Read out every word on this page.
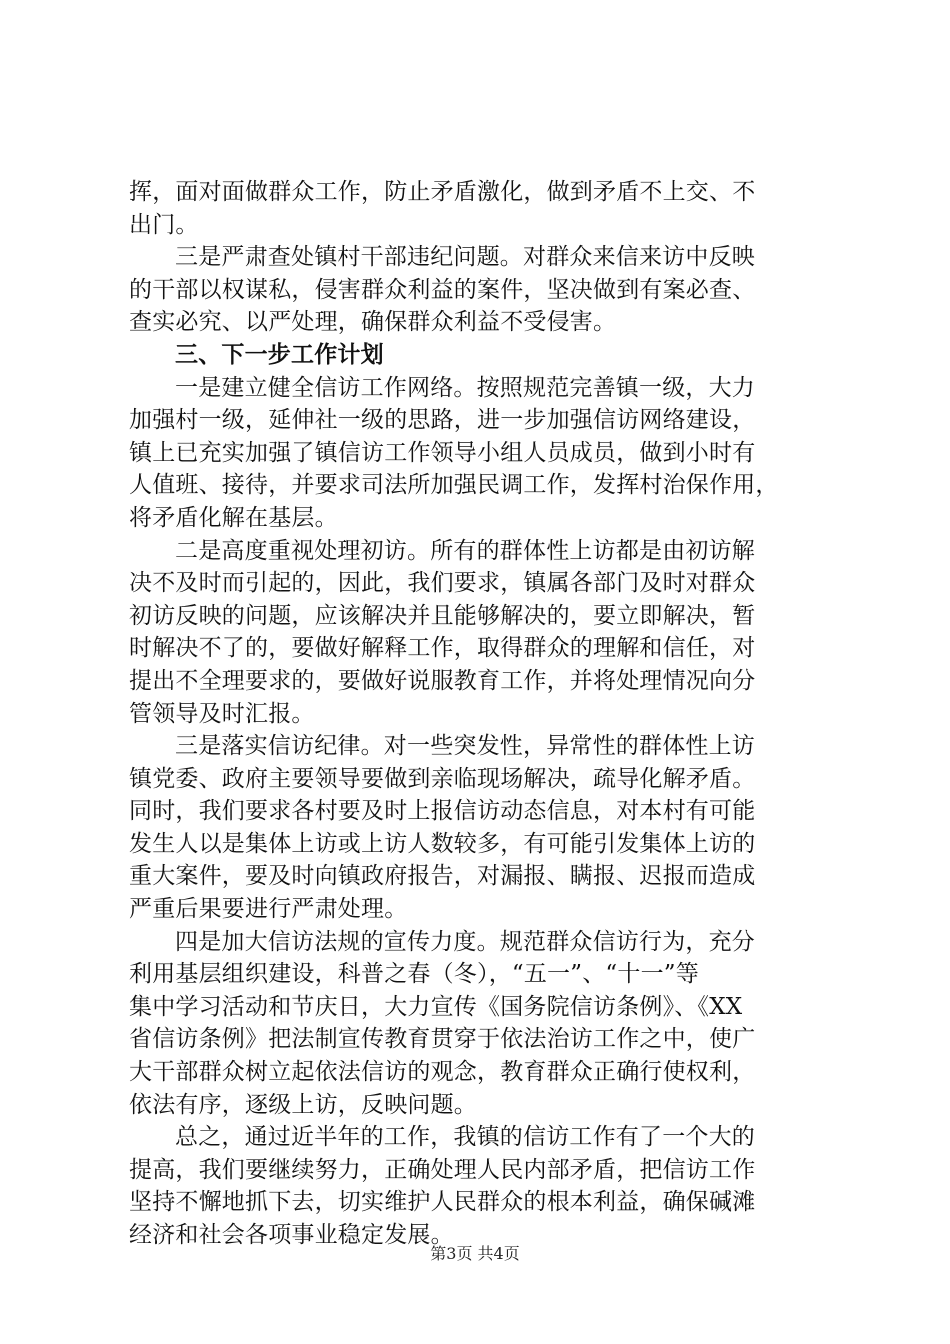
挥，面对面做群众工作，防止矛盾激化，做到矛盾不上交、不
出门。
三是严肃查处镇村干部违纪问题。对群众来信来访中反映
的干部以权谋私，侵害群众利益的案件，坚决做到有案必查、
查实必究、以严处理，确保群众利益不受侵害。
三、下一步工作计划
一是建立健全信访工作网络。按照规范完善镇一级，大力
加强村一级，延伸社一级的思路，进一步加强信访网络建设，
镇上已充实加强了镇信访工作领导小组人员成员，做到小时有
人值班、接待，并要求司法所加强民调工作，发挥村治保作用，
将矛盾化解在基层。
二是高度重视处理初访。所有的群体性上访都是由初访解
决不及时而引起的，因此，我们要求，镇属各部门及时对群众
初访反映的问题，应该解决并且能够解决的，要立即解决，暂
时解决不了的，要做好解释工作，取得群众的理解和信任，对
提出不全理要求的，要做好说服教育工作，并将处理情况向分
管领导及时汇报。
三是落实信访纪律。对一些突发性，异常性的群体性上访
镇党委、政府主要领导要做到亲临现场解决，疏导化解矛盾。
同时，我们要求各村要及时上报信访动态信息，对本村有可能
发生人以是集体上访或上访人数较多，有可能引发集体上访的
重大案件，要及时向镇政府报告，对漏报、瞒报、迟报而造成
严重后果要进行严肃处理。
四是加大信访法规的宣传力度。规范群众信访行为，充分
利用基层组织建设，科普之春（冬），“五一”、“十一”等
集中学习活动和节庆日，大力宣传《国务院信访条例》、《XX
省信访条例》把法制宣传教育贯穿于依法治访工作之中，使广
大干部群众树立起依法信访的观念，教育群众正确行使权利，
依法有序，逐级上访，反映问题。
总之，通过近半年的工作，我镇的信访工作有了一个大的
提高，我们要继续努力，正确处理人民内部矛盾，把信访工作
坚持不懈地抓下去，切实维护人民群众的根本利益，确保碱滩
经济和社会各项事业稳定发展。
第3页 共4页
